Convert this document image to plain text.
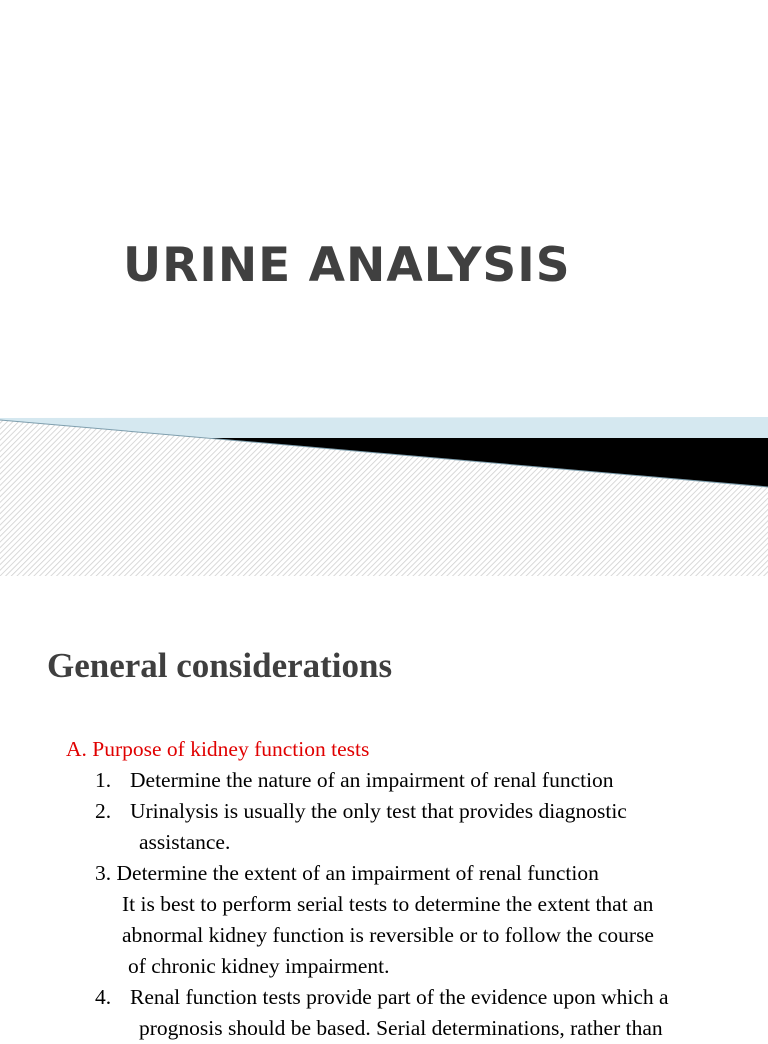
URINE ANALYSIS
General considerations
A. Purpose of kidney function tests
1. Determine the nature of an impairment of renal function
2. Urinalysis is usually the only test that provides diagnostic
assistance.
3. Determine the extent of an impairment of renal function
It is best to perform serial tests to determine the extent that an
abnormal kidney function is reversible or to follow the course
of chronic kidney impairment.
4. Renal function tests provide part of the evidence upon which a
prognosis should be based. Serial determinations, rather than
